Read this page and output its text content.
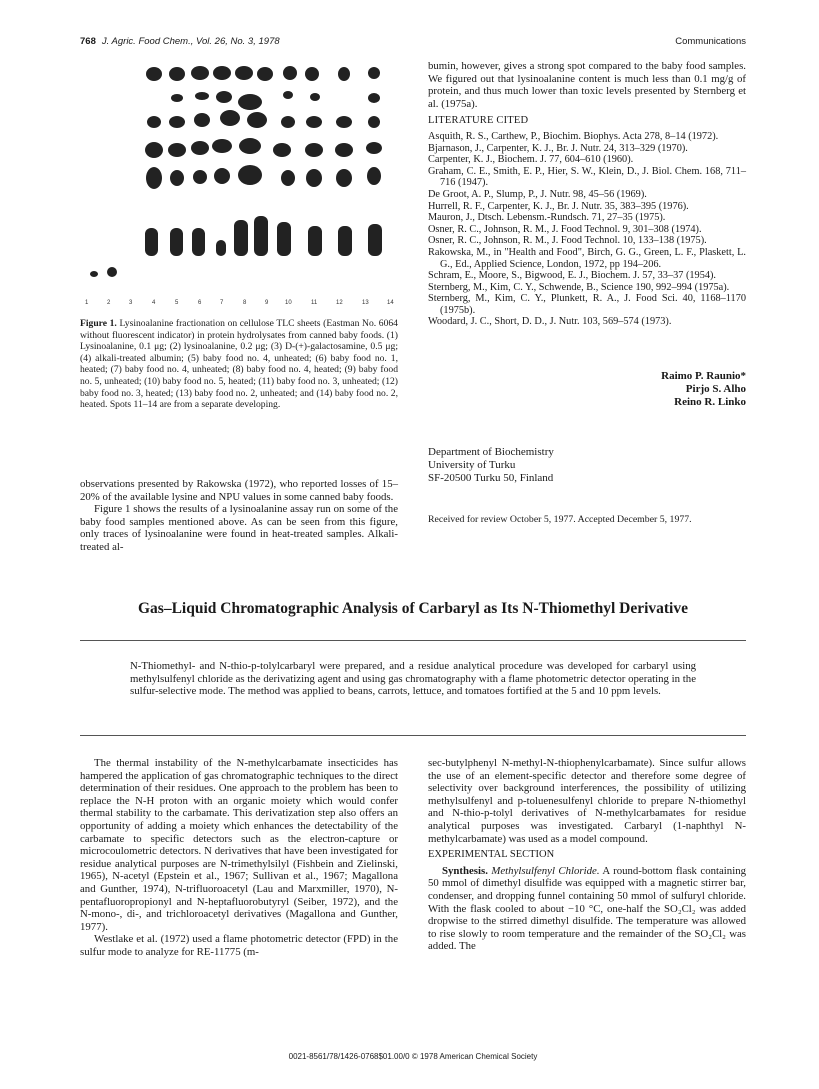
768 J. Agric. Food Chem., Vol. 26, No. 3, 1978	Communications
1	2	3	4	5	6	7	8	9	10	11	12	13	14
Figure 1. Lysinoalanine fractionation on cellulose TLC sheets (Eastman No. 6064 without fluorescent indicator) in protein hydrolysates from canned baby foods. (1) Lysinoalanine, 0.1 μg; (2) lysinoalanine, 0.2 μg; (3) D-(+)-galactosamine, 0.5 μg; (4) alkali-treated albumin; (5) baby food no. 4, unheated; (6) baby food no. 1, heated; (7) baby food no. 4, unheated; (8) baby food no. 4, heated; (9) baby food no. 5, unheated; (10) baby food no. 5, heated; (11) baby food no. 3, unheated; (12) baby food no. 3, heated; (13) baby food no. 2, unheated; and (14) baby food no. 2, heated. Spots 11–14 are from a separate developing.

observations presented by Rakowska (1972), who reported losses of 15–20% of the available lysine and NPU values in some canned baby foods.

Figure 1 shows the results of a lysinoalanine assay run on some of the baby food samples mentioned above. As can be seen from this figure, only traces of lysinoalanine were found in heat-treated samples. Alkali-treated al-

bumin, however, gives a strong spot compared to the baby food samples. We figured out that lysinoalanine content is much less than 0.1 mg/g of protein, and thus much lower than toxic levels presented by Sternberg et al. (1975a).

LITERATURE CITED
Asquith, R. S., Carthew, P., Biochim. Biophys. Acta 278, 8–14 (1972).
Bjarnason, J., Carpenter, K. J., Br. J. Nutr. 24, 313–329 (1970).
Carpenter, K. J., Biochem. J. 77, 604–610 (1960).
Graham, C. E., Smith, E. P., Hier, S. W., Klein, D., J. Biol. Chem. 168, 711–716 (1947).
De Groot, A. P., Slump, P., J. Nutr. 98, 45–56 (1969).
Hurrell, R. F., Carpenter, K. J., Br. J. Nutr. 35, 383–395 (1976).
Mauron, J., Dtsch. Lebensm.-Rundsch. 71, 27–35 (1975).
Osner, R. C., Johnson, R. M., J. Food Technol. 9, 301–308 (1974).
Osner, R. C., Johnson, R. M., J. Food Technol. 10, 133–138 (1975).
Rakowska, M., in "Health and Food", Birch, G. G., Green, L. F., Plaskett, L. G., Ed., Applied Science, London, 1972, pp 194–206.
Schram, E., Moore, S., Bigwood, E. J., Biochem. J. 57, 33–37 (1954).
Sternberg, M., Kim, C. Y., Schwende, B., Science 190, 992–994 (1975a).
Sternberg, M., Kim, C. Y., Plunkett, R. A., J. Food Sci. 40, 1168–1170 (1975b).
Woodard, J. C., Short, D. D., J. Nutr. 103, 569–574 (1973).
Raimo P. Raunio*
Pirjo S. Alho
Reino R. Linko
Department of Biochemistry
University of Turku
SF-20500 Turku 50, Finland
Received for review October 5, 1977. Accepted December 5, 1977.
Gas–Liquid Chromatographic Analysis of Carbaryl as Its N-Thiomethyl Derivative
N-Thiomethyl- and N-thio-p-tolylcarbaryl were prepared, and a residue analytical procedure was developed for carbaryl using methylsulfenyl chloride as the derivatizing agent and using gas chromatography with a flame photometric detector operating in the sulfur-selective mode. The method was applied to beans, carrots, lettuce, and tomatoes fortified at the 5 and 10 ppm levels.

The thermal instability of the N-methylcarbamate insecticides has hampered the application of gas chromatographic techniques to the direct determination of their residues. One approach to the problem has been to replace the N-H proton with an organic moiety which would confer thermal stability to the carbamate. This derivatization step also offers an opportunity of adding a moiety which enhances the detectability of the carbamate to specific detectors such as the electron-capture or microcoulometric detectors. N derivatives that have been investigated for residue analytical purposes are N-trimethylsilyl (Fishbein and Zielinski, 1965), N-acetyl (Epstein et al., 1967; Sullivan et al., 1967; Magallona and Gunther, 1974), N-trifluoroacetyl (Lau and Marxmiller, 1970), N-pentafluoropropionyl and N-heptafluorobutyryl (Seiber, 1972), and the N-mono-, di-, and trichloroacetyl derivatives (Magallona and Gunther, 1977).

Westlake et al. (1972) used a flame photometric detector (FPD) in the sulfur mode to analyze for RE-11775 (m-

sec-butylphenyl N-methyl-N-thiophenylcarbamate). Since sulfur allows the use of an element-specific detector and therefore some degree of selectivity over background interferences, the possibility of utilizing methylsulfenyl and p-toluenesulfenyl chloride to prepare N-thiomethyl and N-thio-p-tolyl derivatives of N-methylcarbamates for residue analytical purposes was investigated. Carbaryl (1-naphthyl N-methylcarbamate) was used as a model compound.

EXPERIMENTAL SECTION

Synthesis. Methylsulfenyl Chloride. A round-bottom flask containing 50 mmol of dimethyl disulfide was equipped with a magnetic stirrer bar, condenser, and dropping funnel containing 50 mmol of sulfuryl chloride. With the flask cooled to about −10 °C, one-half the SO₂Cl₂ was added dropwise to the stirred dimethyl disulfide. The temperature was allowed to rise slowly to room temperature and the remainder of the SO₂Cl₂ was added. The

0021-8561/78/1426-0768$01.00/0 © 1978 American Chemical Society
